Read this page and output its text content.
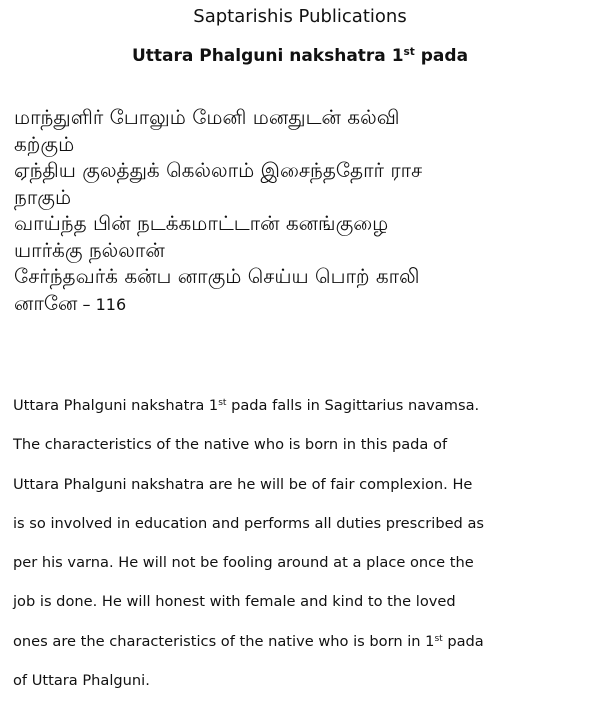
Saptarishis Publications
Uttara Phalguni nakshatra 1st pada
மாந்துளிர் போலும் மேனி மனதுடன் கல்வி
கற்கும்
ஏந்திய குலத்துக் கெல்லாம் இசைந்ததோர் ராச
நாகும்
வாய்ந்த பின் நடக்கமாட்டான் கனங்குழை
யார்க்கு நல்லான்
சேர்ந்தவர்க் கன்ப னாகும் செய்ய பொற் காலி
னானே – 116
Uttara Phalguni nakshatra 1st pada falls in Sagittarius navamsa.
The characteristics of the native who is born in this pada of
Uttara Phalguni nakshatra are he will be of fair complexion. He
is so involved in education and performs all duties prescribed as
per his varna. He will not be fooling around at a place once the
job is done. He will honest with female and kind to the loved
ones are the characteristics of the native who is born in 1st pada
of Uttara Phalguni.
